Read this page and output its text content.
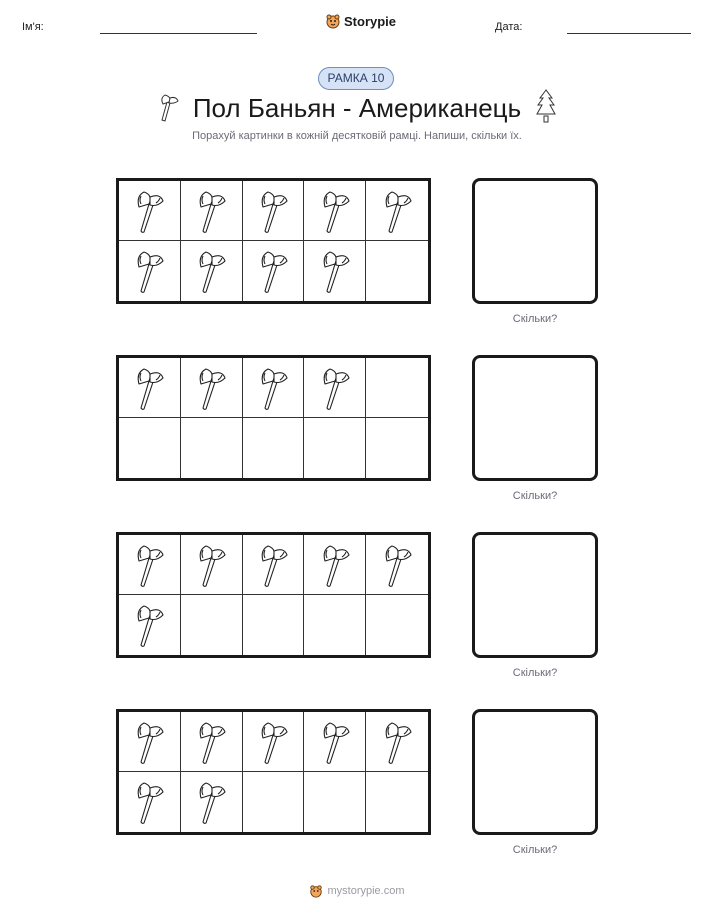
Ім'я:	Storypie	Дата:
РАМКА 10
Пол Баньян - Американець
Порахуй картинки в кожній десятковій рамці. Напиши, скільки їх.
Скільки?
Скільки?
Скільки?
Скільки?
mystorypie.com
